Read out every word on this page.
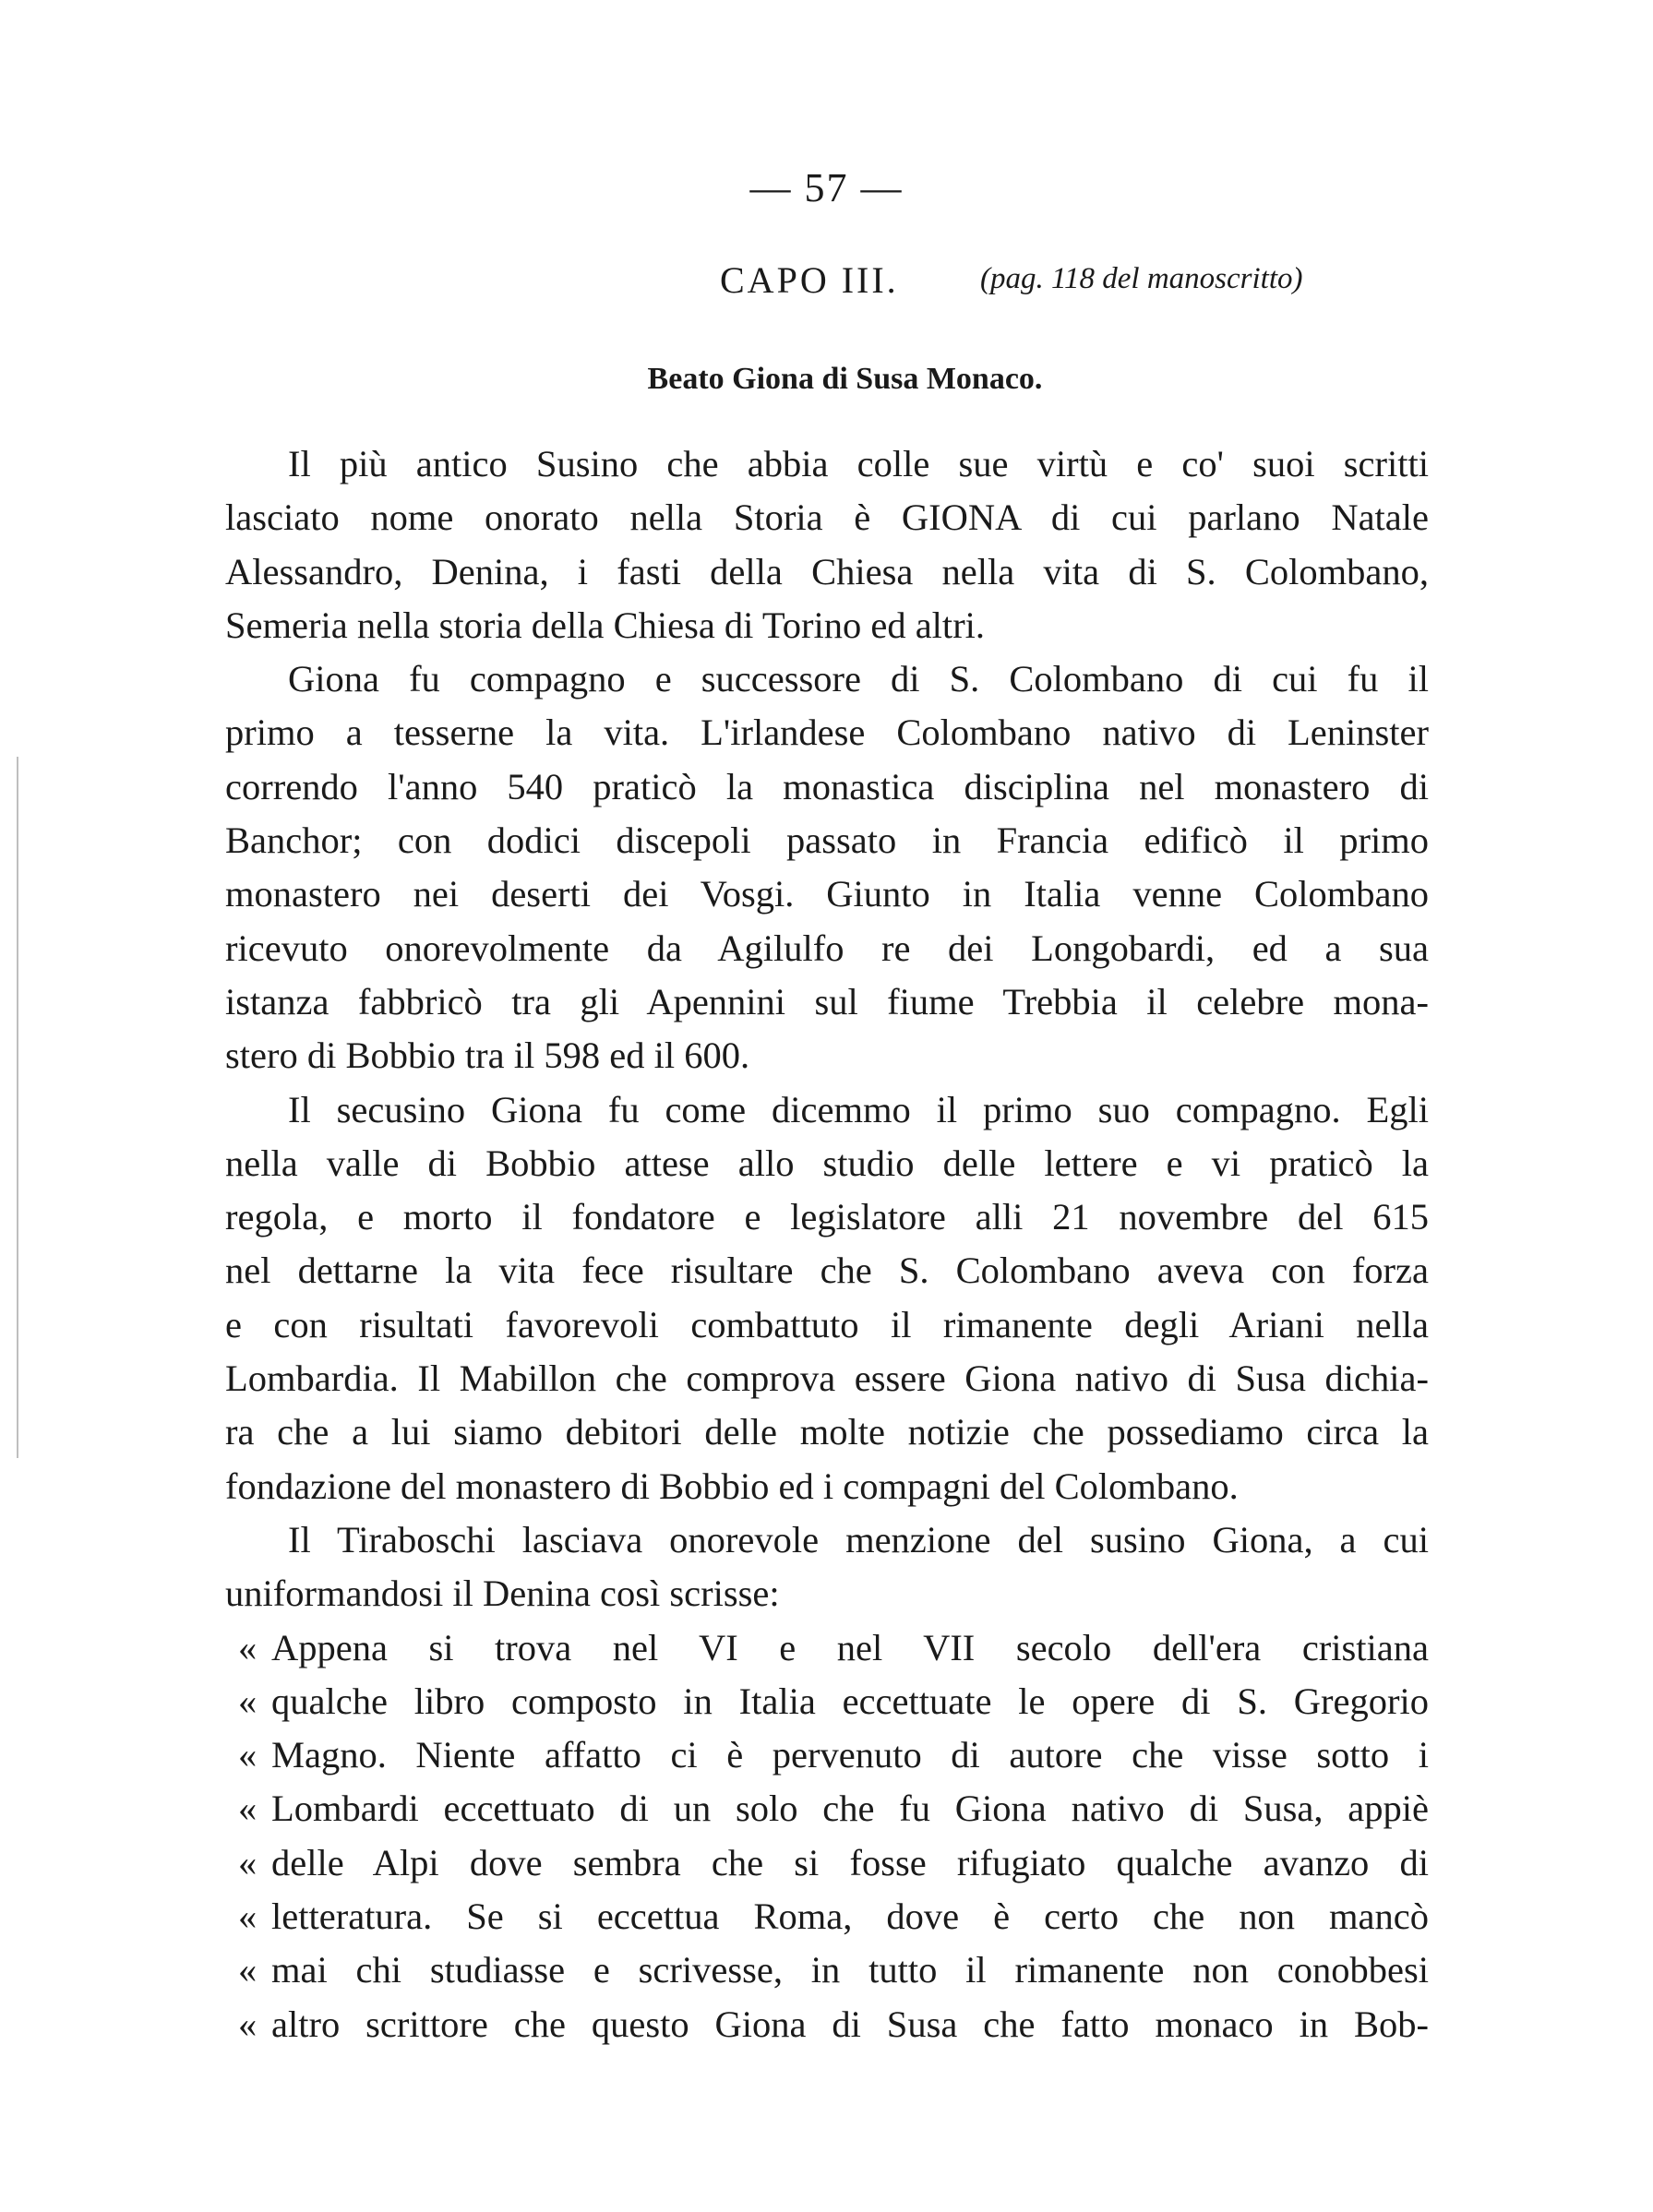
— 57 —
CAPO III.	(pag. 118 del manoscritto)
Beato Giona di Susa Monaco.
Il più antico Susino che abbia colle sue virtù e co' suoi scritti
lasciato nome onorato nella Storia è GIONA di cui parlano Natale
Alessandro, Denina, i fasti della Chiesa nella vita di S. Colombano,
Semeria nella storia della Chiesa di Torino ed altri.
Giona fu compagno e successore di S. Colombano di cui fu il
primo a tesserne la vita. L'irlandese Colombano nativo di Leninster
correndo l'anno 540 praticò la monastica disciplina nel monastero di
Banchor; con dodici discepoli passato in Francia edificò il primo
monastero nei deserti dei Vosgi. Giunto in Italia venne Colombano
ricevuto onorevolmente da Agilulfo re dei Longobardi, ed a sua
istanza fabbricò tra gli Apennini sul fiume Trebbia il celebre mona-
stero di Bobbio tra il 598 ed il 600.
Il secusino Giona fu come dicemmo il primo suo compagno. Egli
nella valle di Bobbio attese allo studio delle lettere e vi praticò la
regola, e morto il fondatore e legislatore alli 21 novembre del 615
nel dettarne la vita fece risultare che S. Colombano aveva con forza
e con risultati favorevoli combattuto il rimanente degli Ariani nella
Lombardia. Il Mabillon che comprova essere Giona nativo di Susa dichia-
ra che a lui siamo debitori delle molte notizie che possediamo circa la
fondazione del monastero di Bobbio ed i compagni del Colombano.
Il Tiraboschi lasciava onorevole menzione del susino Giona, a cui
uniformandosi il Denina così scrisse:
« Appena si trova nel VI e nel VII secolo dell'era cristiana
« qualche libro composto in Italia eccettuate le opere di S. Gregorio
« Magno. Niente affatto ci è pervenuto di autore che visse sotto i
« Lombardi eccettuato di un solo che fu Giona nativo di Susa, appiè
« delle Alpi dove sembra che si fosse rifugiato qualche avanzo di
« letteratura. Se si eccettua Roma, dove è certo che non mancò
« mai chi studiasse e scrivesse, in tutto il rimanente non conobbesi
« altro scrittore che questo Giona di Susa che fatto monaco in Bob-
